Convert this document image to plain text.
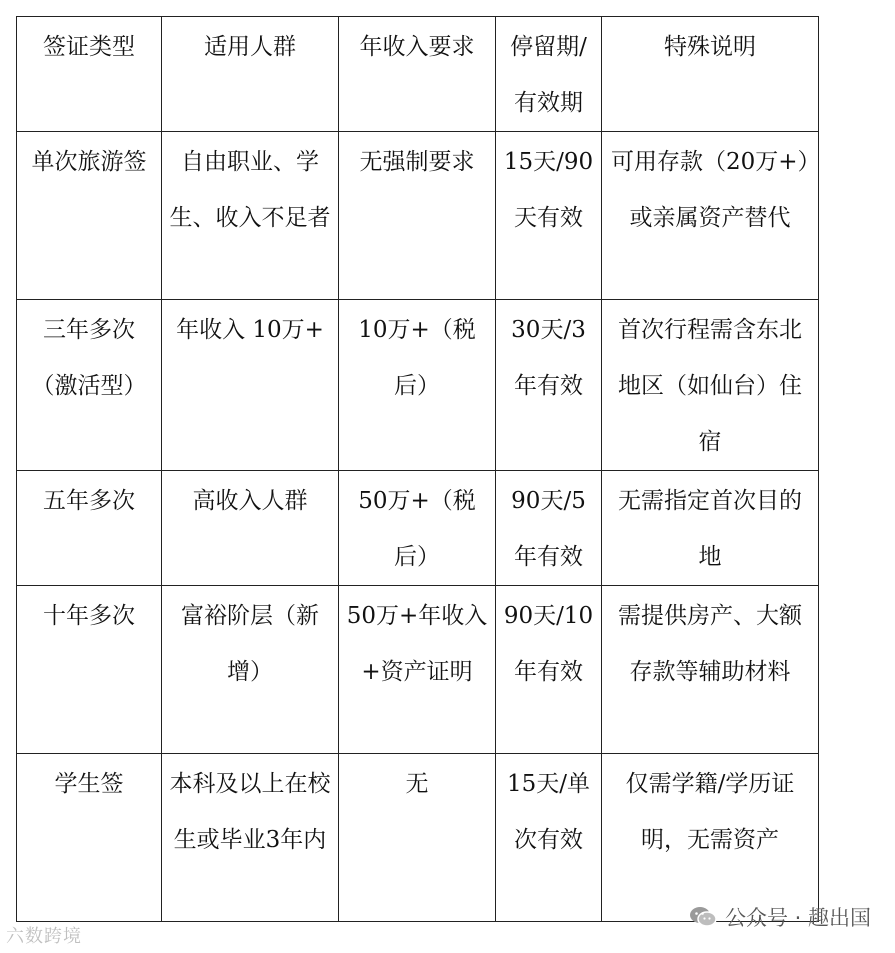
签证类型	适用人群	年收入要求	停留期/有效期	特殊说明
单次旅游签	自由职业、学生、收入不足者	无强制要求	15天/90天有效	可用存款（20万+）或亲属资产替代
三年多次（激活型）	年收入 10万+	10万+（税后）	30天/3年有效	首次行程需含东北地区（如仙台）住宿
五年多次	高收入人群	50万+（税后）	90天/5年有效	无需指定首次目的地
十年多次	富裕阶层（新增）	50万+年收入+资产证明	90天/10年有效	需提供房产、大额存款等辅助材料
学生签	本科及以上在校生或毕业3年内	无	15天/单次有效	仅需学籍/学历证明，无需资产
六数跨境
公众号 · 趣出国
